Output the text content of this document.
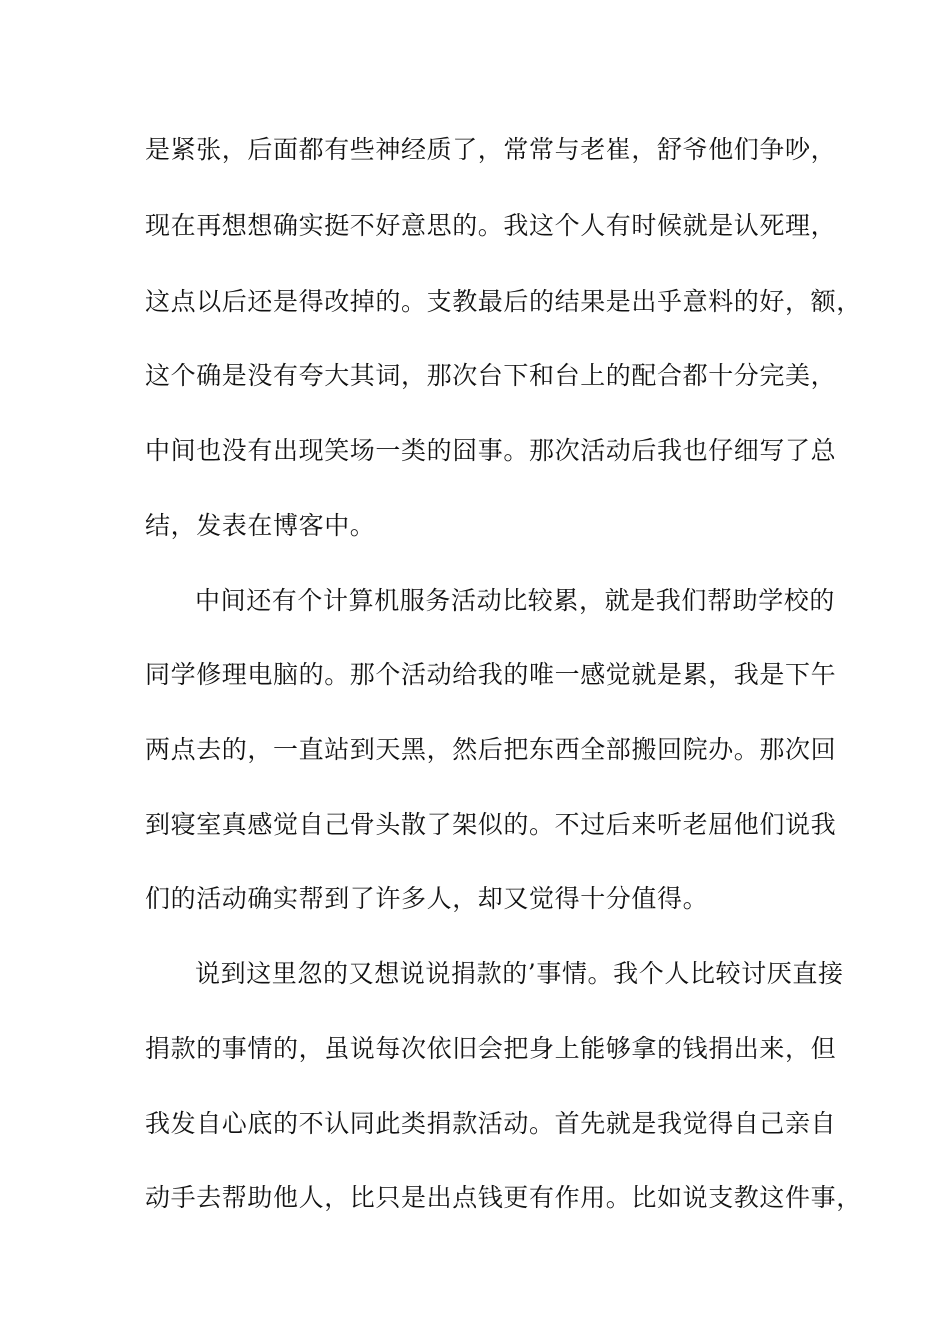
是紧张，后面都有些神经质了，常常与老崔，舒爷他们争吵，
现在再想想确实挺不好意思的。我这个人有时候就是认死理，
这点以后还是得改掉的。支教最后的结果是出乎意料的好，额，
这个确是没有夸大其词，那次台下和台上的配合都十分完美，
中间也没有出现笑场一类的囧事。那次活动后我也仔细写了总
结，发表在博客中。
中间还有个计算机服务活动比较累，就是我们帮助学校的
同学修理电脑的。那个活动给我的唯一感觉就是累，我是下午
两点去的，一直站到天黑，然后把东西全部搬回院办。那次回
到寝室真感觉自己骨头散了架似的。不过后来听老屈他们说我
们的活动确实帮到了许多人，却又觉得十分值得。
说到这里忽的又想说说捐款的’事情。我个人比较讨厌直接
捐款的事情的，虽说每次依旧会把身上能够拿的钱捐出来，但
我发自心底的不认同此类捐款活动。首先就是我觉得自己亲自
动手去帮助他人，比只是出点钱更有作用。比如说支教这件事，
